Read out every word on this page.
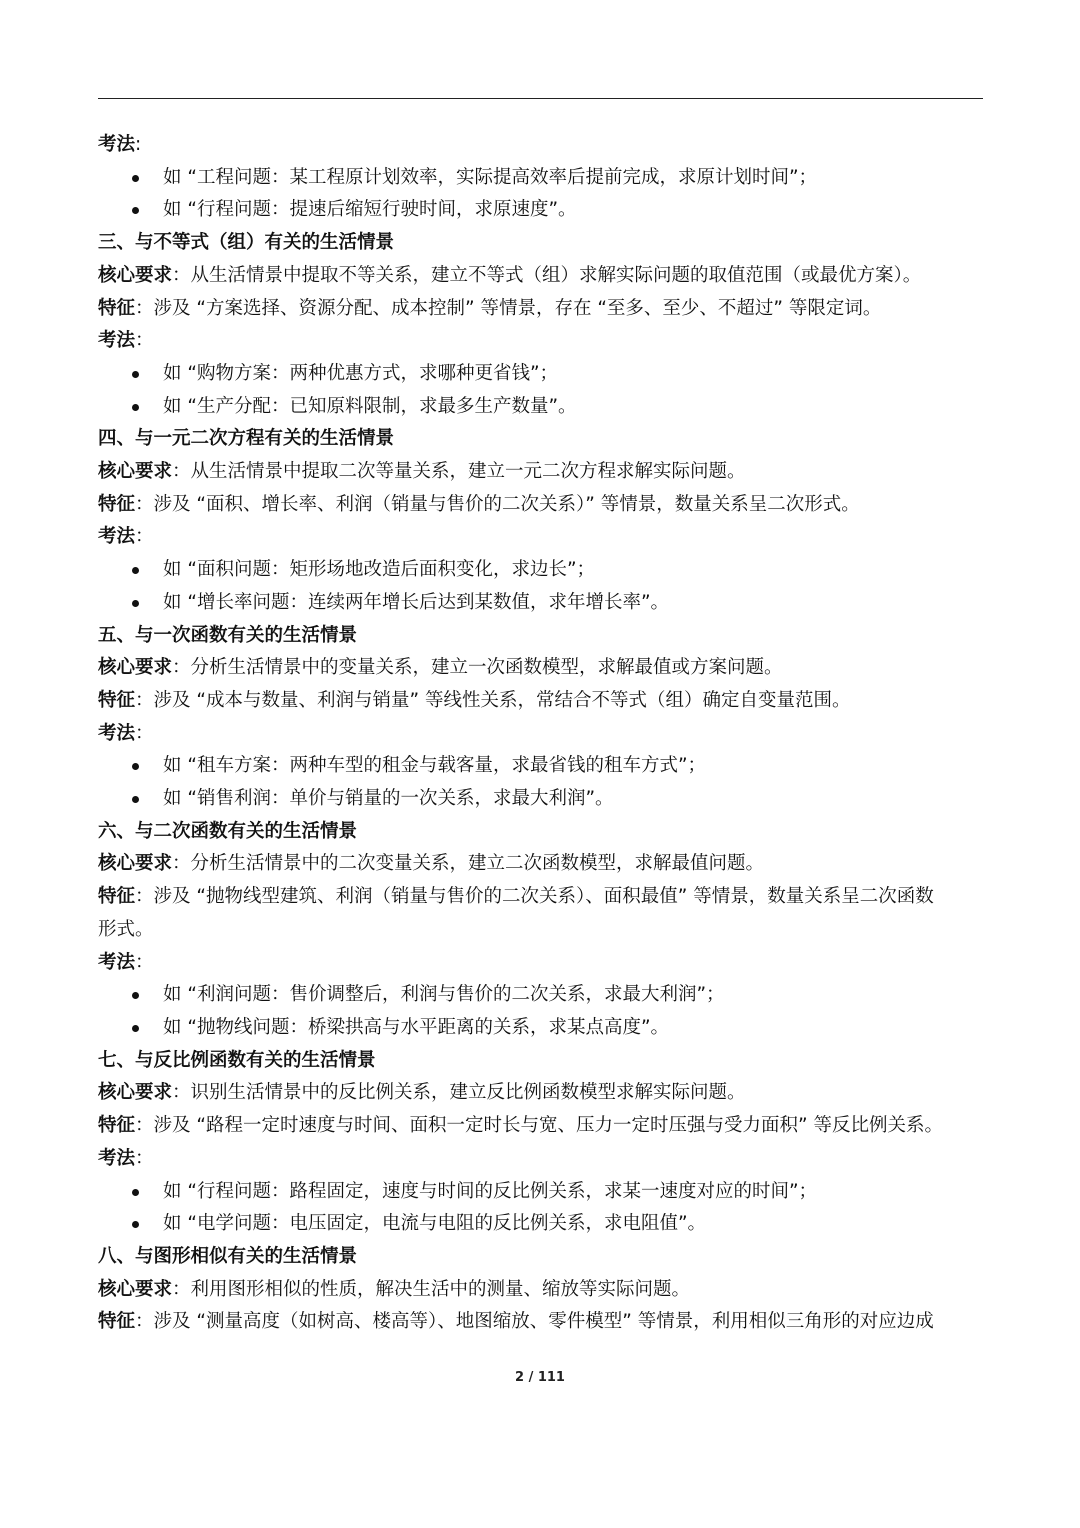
考法:
如 “工程问题：某工程原计划效率，实际提高效率后提前完成，求原计划时间”；
如 “行程问题：提速后缩短行驶时间，求原速度”。
三、与不等式（组）有关的生活情景
核心要求：从生活情景中提取不等关系，建立不等式（组）求解实际问题的取值范围（或最优方案）。
特征：涉及 “方案选择、资源分配、成本控制” 等情景，存在 “至多、至少、不超过” 等限定词。
考法：
如 “购物方案：两种优惠方式，求哪种更省钱”；
如 “生产分配：已知原料限制，求最多生产数量”。
四、与一元二次方程有关的生活情景
核心要求：从生活情景中提取二次等量关系，建立一元二次方程求解实际问题。
特征：涉及 “面积、增长率、利润（销量与售价的二次关系）” 等情景，数量关系呈二次形式。
考法：
如 “面积问题：矩形场地改造后面积变化，求边长”；
如 “增长率问题：连续两年增长后达到某数值，求年增长率”。
五、与一次函数有关的生活情景
核心要求：分析生活情景中的变量关系，建立一次函数模型，求解最值或方案问题。
特征：涉及 “成本与数量、利润与销量” 等线性关系，常结合不等式（组）确定自变量范围。
考法：
如 “租车方案：两种车型的租金与载客量，求最省钱的租车方式”；
如 “销售利润：单价与销量的一次关系，求最大利润”。
六、与二次函数有关的生活情景
核心要求：分析生活情景中的二次变量关系，建立二次函数模型，求解最值问题。
特征：涉及 “抛物线型建筑、利润（销量与售价的二次关系）、面积最值” 等情景，数量关系呈二次函数
形式。
考法：
如 “利润问题：售价调整后，利润与售价的二次关系，求最大利润”；
如 “抛物线问题：桥梁拱高与水平距离的关系，求某点高度”。
七、与反比例函数有关的生活情景
核心要求：识别生活情景中的反比例关系，建立反比例函数模型求解实际问题。
特征：涉及 “路程一定时速度与时间、面积一定时长与宽、压力一定时压强与受力面积” 等反比例关系。
考法：
如 “行程问题：路程固定，速度与时间的反比例关系，求某一速度对应的时间”；
如 “电学问题：电压固定，电流与电阻的反比例关系，求电阻值”。
八、与图形相似有关的生活情景
核心要求：利用图形相似的性质，解决生活中的测量、缩放等实际问题。
特征：涉及 “测量高度（如树高、楼高等）、地图缩放、零件模型” 等情景，利用相似三角形的对应边成
2 / 111
